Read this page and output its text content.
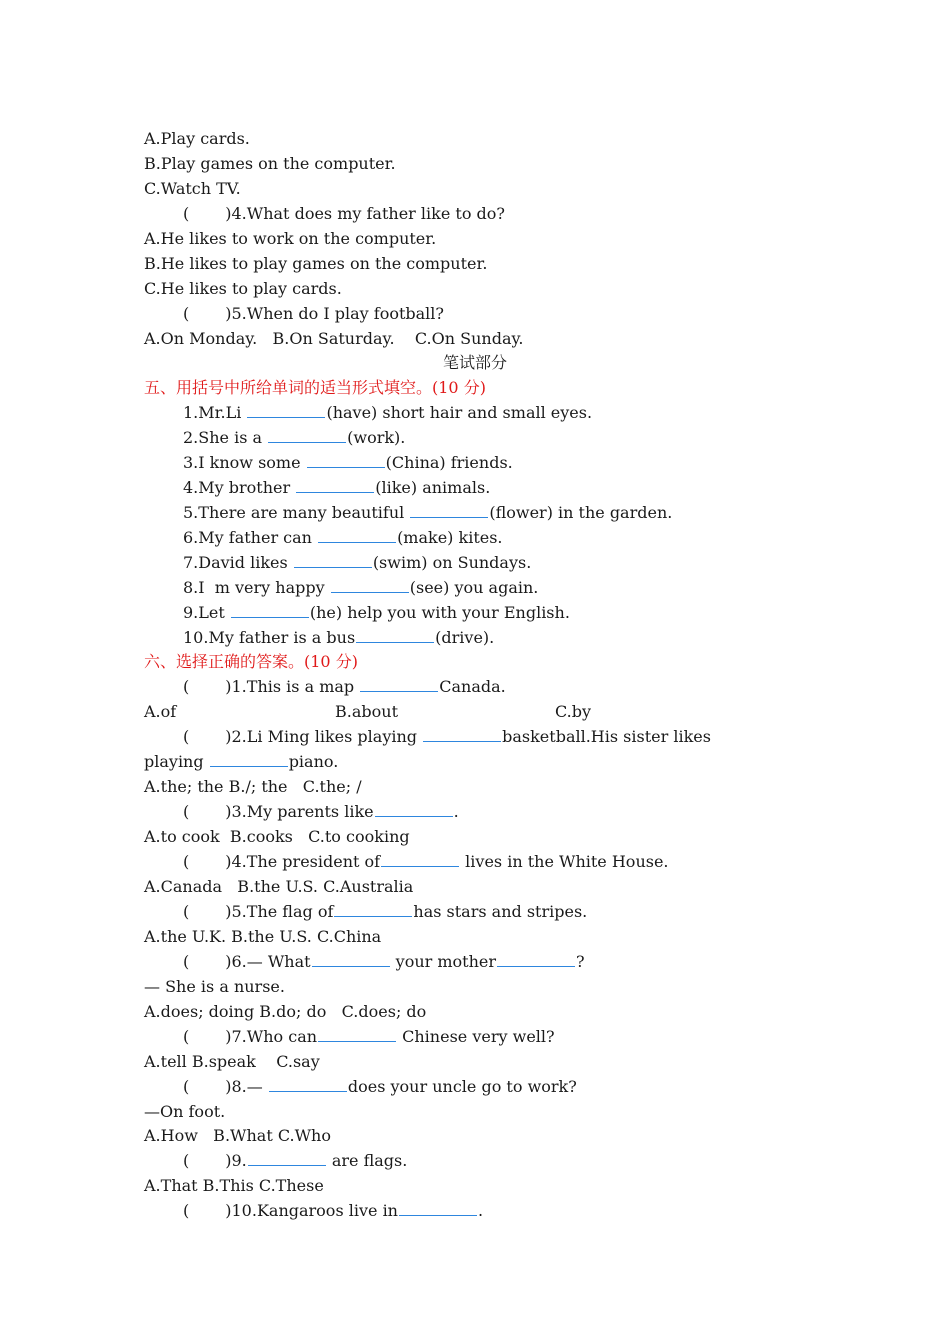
A.Play cards.
B.Play games on the computer.
C.Watch TV.
( )4.What does my father like to do?
A.He likes to work on the computer.
B.He likes to play games on the computer.
C.He likes to play cards.
( )5.When do I play football?
A.On Monday.   B.On Saturday.    C.On Sunday.
笔试部分
五、用括号中所给单词的适当形式填空。(10 分)
1.Mr.Li	(have) short hair and small eyes.
2.She is a	(work).
3.I know some	(China) friends.
4.My brother	(like) animals.
5.There are many beautiful	(flower) in the garden.
6.My father can	(make) kites.
7.David likes	(swim) on Sundays.
8.I  m very happy	(see) you again.
9.Let	(he) help you with your English.
10.My father is a bus	(drive).
六、选择正确的答案。(10 分)
( )1.This is a map	Canada.
A.of	B.about	C.by
( )2.Li Ming likes playing	basketball.His sister likes
playing	piano.
A.the; the B./; the   C.the; /
( )3.My parents like	.
A.to cook  B.cooks   C.to cooking
( )4.The president of	lives in the White House.
A.Canada   B.the U.S. C.Australia
( )5.The flag of	has stars and stripes.
A.the U.K. B.the U.S. C.China
( )6.— What	your mother	?
— She is a nurse.
A.does; doing B.do; do   C.does; do
( )7.Who can	Chinese very well?
A.tell B.speak    C.say
( )8.—	does your uncle go to work?
—On foot.
A.How   B.What C.Who
( )9.	are flags.
A.That B.This C.These
( )10.Kangaroos live in	.
